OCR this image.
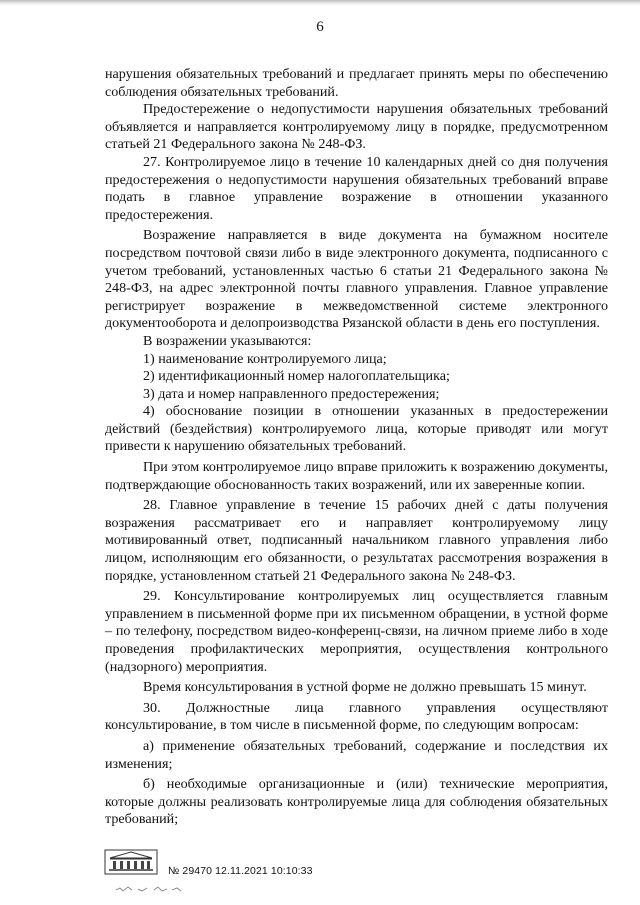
6

нарушения обязательных требований и предлагает принять меры по обеспечению соблюдения обязательных требований.

Предостережение о недопустимости нарушения обязательных требований объявляется и направляется контролируемому лицу в порядке, предусмотренном статьей 21 Федерального закона № 248-ФЗ.

27. Контролируемое лицо в течение 10 календарных дней со дня получения предостережения о недопустимости нарушения обязательных требований вправе подать в главное управление возражение в отношении указанного предостережения.

Возражение направляется в виде документа на бумажном носителе посредством почтовой связи либо в виде электронного документа, подписанного с учетом требований, установленных частью 6 статьи 21 Федерального закона № 248-ФЗ, на адрес электронной почты главного управления. Главное управление регистрирует возражение в межведомственной системе электронного документооборота и делопроизводства Рязанской области в день его поступления.

В возражении указываются:

1) наименование контролируемого лица;

2) идентификационный номер налогоплательщика;

3) дата и номер направленного предостережения;

4) обоснование позиции в отношении указанных в предостережении действий (бездействия) контролируемого лица, которые приводят или могут привести к нарушению обязательных требований.

При этом контролируемое лицо вправе приложить к возражению документы, подтверждающие обоснованность таких возражений, или их заверенные копии.

28. Главное управление в течение 15 рабочих дней с даты получения возражения рассматривает его и направляет контролируемому лицу мотивированный ответ, подписанный начальником главного управления либо лицом, исполняющим его обязанности, о результатах рассмотрения возражения в порядке, установленном статьей 21 Федерального закона № 248-ФЗ.

29. Консультирование контролируемых лиц осуществляется главным управлением в письменной форме при их письменном обращении, в устной форме – по телефону, посредством видео-конференц-связи, на личном приеме либо в ходе проведения профилактических мероприятия, осуществления контрольного (надзорного) мероприятия.

Время консультирования в устной форме не должно превышать 15 минут.

30. Должностные лица главного управления осуществляют консультирование, в том числе в письменной форме, по следующим вопросам:

а) применение обязательных требований, содержание и последствия их изменения;

б) необходимые организационные и (или) технические мероприятия, которые должны реализовать контролируемые лица для соблюдения обязательных требований;

№ 29470 12.11.2021 10:10:33
